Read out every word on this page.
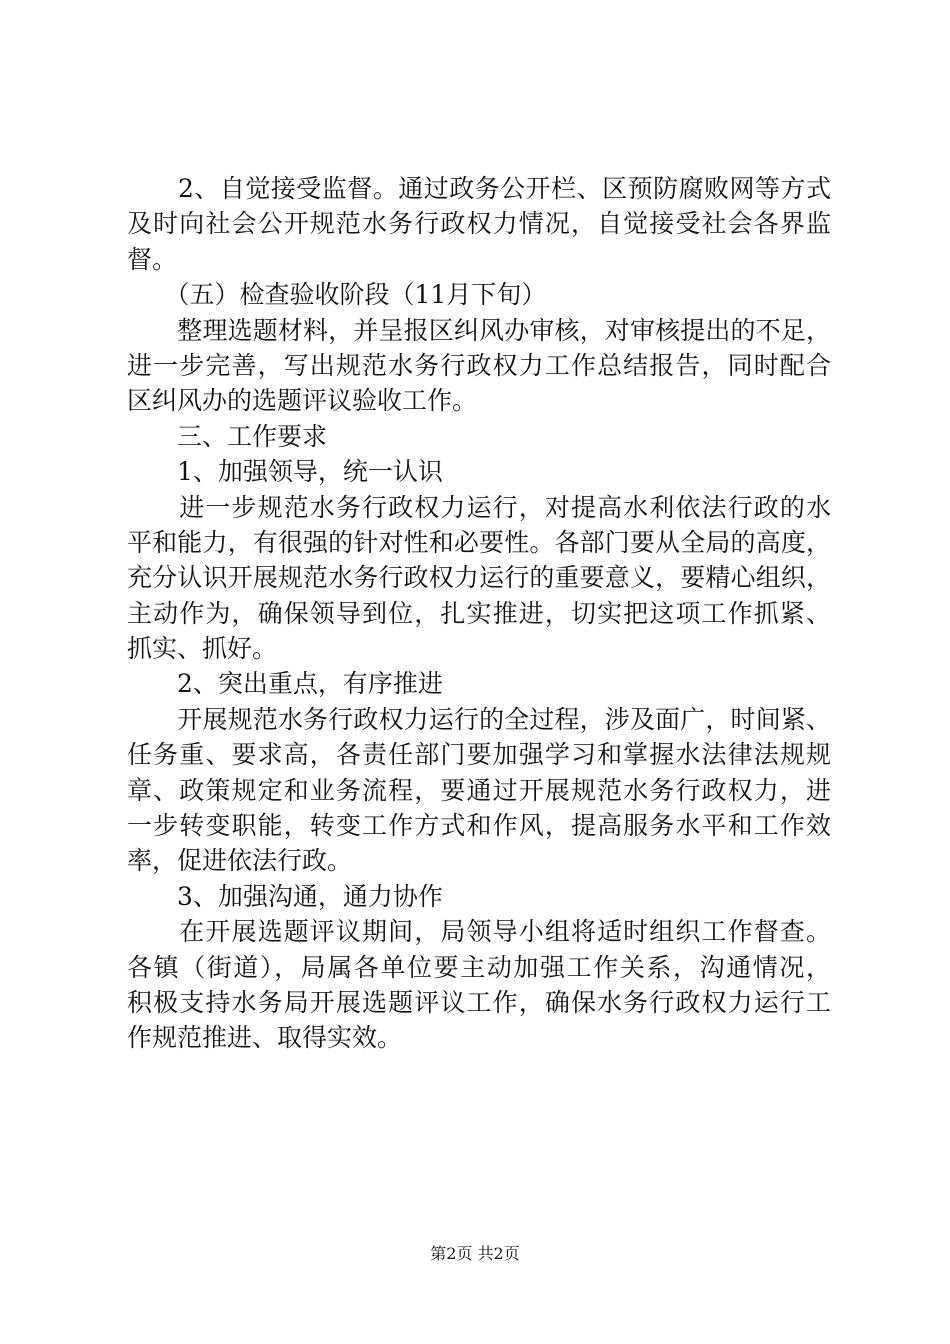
　　2、自觉接受监督。通过政务公开栏、区预防腐败网等方式
及时向社会公开规范水务行政权力情况，自觉接受社会各界监
督。
　　（五）检查验收阶段（11月下旬）
　　整理选题材料，并呈报区纠风办审核，对审核提出的不足，
进一步完善，写出规范水务行政权力工作总结报告，同时配合
区纠风办的选题评议验收工作。
　　三、工作要求
　　1、加强领导，统一认识
　　进一步规范水务行政权力运行，对提高水利依法行政的水
平和能力，有很强的针对性和必要性。各部门要从全局的高度，
充分认识开展规范水务行政权力运行的重要意义，要精心组织，
主动作为，确保领导到位，扎实推进，切实把这项工作抓紧、
抓实、抓好。
　　2、突出重点，有序推进
　　开展规范水务行政权力运行的全过程，涉及面广，时间紧、
任务重、要求高，各责任部门要加强学习和掌握水法律法规规
章、政策规定和业务流程，要通过开展规范水务行政权力，进
一步转变职能，转变工作方式和作风，提高服务水平和工作效
率，促进依法行政。
　　3、加强沟通，通力协作
　　在开展选题评议期间，局领导小组将适时组织工作督查。
各镇（街道），局属各单位要主动加强工作关系，沟通情况，
积极支持水务局开展选题评议工作，确保水务行政权力运行工
作规范推进、取得实效。
第2页 共2页
